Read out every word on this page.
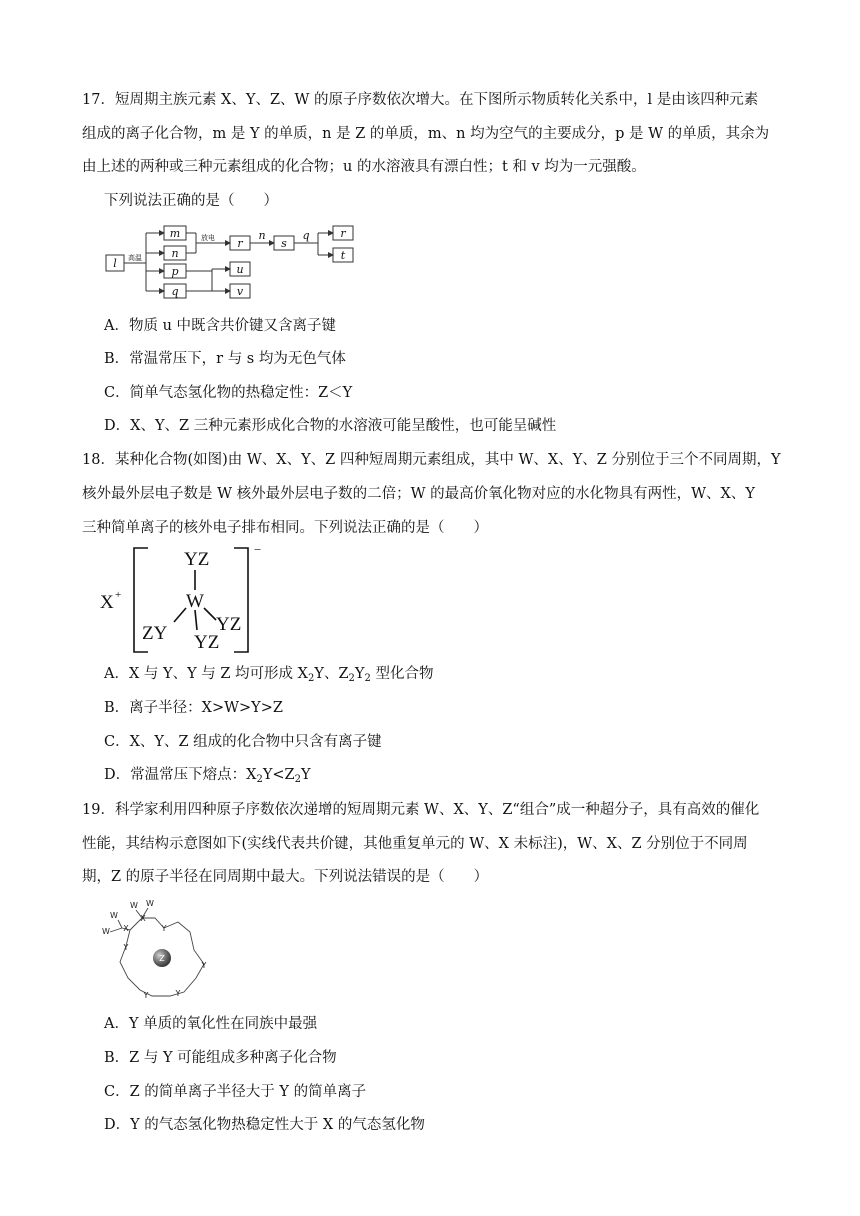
17．短周期主族元素 X、Y、Z、W 的原子序数依次增大。在下图所示物质转化关系中，l 是由该四种元素
组成的离子化合物，m 是 Y 的单质，n 是 Z 的单质，m、n 均为空气的主要成分，p 是 W 的单质，其余为
由上述的两种或三种元素组成的化合物；u 的水溶液具有漂白性；t 和 v 均为一元强酸。
下列说法正确的是（　　）
l
m
n
p
q
r	s
r
t
u
v
n	q
高温
放电
A．物质 u 中既含共价键又含离子键
B．常温常压下，r 与 s 均为无色气体
C．简单气态氢化物的热稳定性：Z＜Y
D．X、Y、Z 三种元素形成化合物的水溶液可能呈酸性，也可能呈碱性
18．某种化合物(如图)由 W、X、Y、Z 四种短周期元素组成，其中 W、X、Y、Z 分别位于三个不同周期，Y
核外最外层电子数是 W 核外最外层电子数的二倍；W 的最高价氧化物对应的水化物具有两性，W、X、Y
三种简单离子的核外电子排布相同。下列说法正确的是（　　）
X +
YZ
W
ZY	YZ
YZ
−
A．X 与 Y、Y 与 Z 均可形成 $X_2Y$、$Z_2Y_2$ 型化合物
B．离子半径：X>W>Y>Z
C．X、Y、Z 组成的化合物中只含有离子键
D．常温常压下熔点：$X_2Y<Z_2Y$
19．科学家利用四种原子序数依次递增的短周期元素 W、X、Y、Z“组合”成一种超分子，具有高效的催化
性能，其结构示意图如下(实线代表共价键，其他重复单元的 W、X 未标注)，W、X、Z 分别位于不同周
期，Z 的原子半径在同周期中最大。下列说法错误的是（　　）
W
W
W W
X
X
Y
Y
Y
Y	Y
Z
A．Y 单质的氧化性在同族中最强
B．Z 与 Y 可能组成多种离子化合物
C．Z 的简单离子半径大于 Y 的简单离子
D．Y 的气态氢化物热稳定性大于 X 的气态氢化物
